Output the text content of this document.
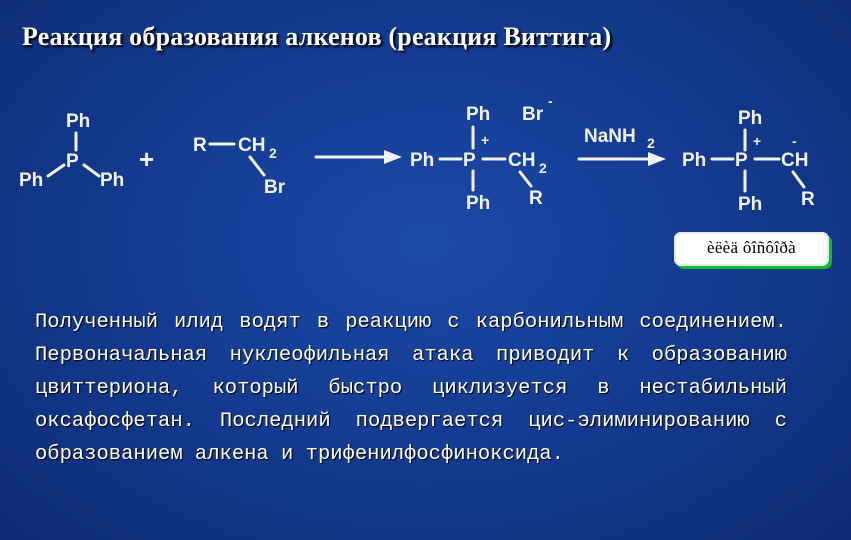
Реакция образования алкенов (реакция Виттига)
Ph
P
Ph	Ph
+ R CH 2
Br
Ph Br
-
+
Ph P CH 2
Ph R
NaNH 2
Ph
+ -
Ph P CH
Ph R
èëèä ôîñôîðà

Полученный илид водят в реакцию с карбонильным соединением. Первоначальная нуклеофильная атака приводит к образованию цвиттериона, который быстро циклизуется в нестабильный оксафосфетан. Последний подвергается цис-элиминированию с образованием алкена и трифенилфосфиноксида.
